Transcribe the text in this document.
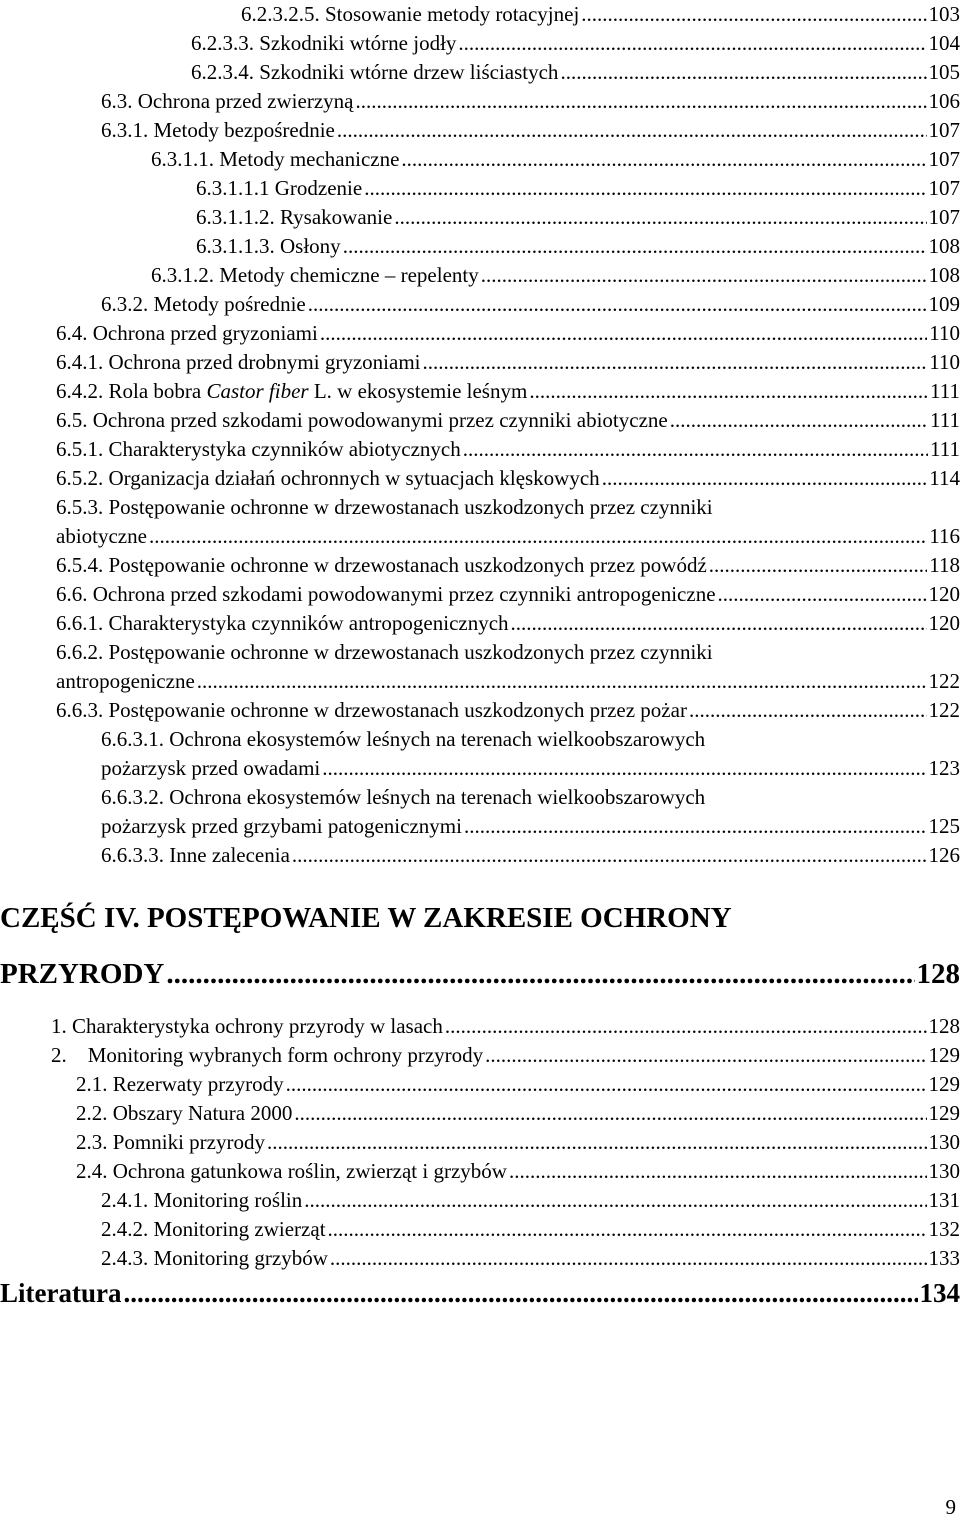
6.2.3.2.5. Stosowanie metody rotacyjnej .....	103
6.2.3.3. Szkodniki wtórne jodły .....	104
6.2.3.4. Szkodniki wtórne drzew liściastych .....	105
6.3. Ochrona przed zwierzyną .....	106
6.3.1. Metody bezpośrednie .....	107
6.3.1.1. Metody mechaniczne .....	107
6.3.1.1.1 Grodzenie .....	107
6.3.1.1.2. Rysakowanie .....	107
6.3.1.1.3. Osłony .....	108
6.3.1.2. Metody chemiczne – repelenty .....	108
6.3.2. Metody pośrednie .....	109
6.4. Ochrona przed gryzoniami .....	110
6.4.1. Ochrona przed drobnymi gryzoniami .....	110
6.4.2. Rola bobra Castor fiber L. w ekosystemie leśnym .....	111
6.5. Ochrona przed szkodami powodowanymi przez czynniki abiotyczne .....	111
6.5.1. Charakterystyka czynników abiotycznych .....	111
6.5.2. Organizacja działań ochronnych w sytuacjach klęskowych .....	114
6.5.3. Postępowanie ochronne w drzewostanach uszkodzonych przez czynniki
abiotyczne .....	116
6.5.4. Postępowanie ochronne w drzewostanach uszkodzonych przez powódź .....	118
6.6. Ochrona przed szkodami powodowanymi przez czynniki antropogeniczne .....	120
6.6.1. Charakterystyka czynników antropogenicznych .....	120
6.6.2. Postępowanie ochronne w drzewostanach uszkodzonych przez czynniki
antropogeniczne .....	122
6.6.3. Postępowanie ochronne w drzewostanach uszkodzonych przez pożar .....	122
6.6.3.1. Ochrona ekosystemów leśnych na terenach wielkoobszarowych
pożarzysk przed owadami .....	123
6.6.3.2. Ochrona ekosystemów leśnych na terenach wielkoobszarowych
pożarzysk przed grzybami patogenicznymi .....	125
6.6.3.3. Inne zalecenia .....	126
CZĘŚĆ IV. POSTĘPOWANIE W ZAKRESIE OCHRONY
PRZYRODY .....	128
1. Charakterystyka ochrony przyrody w lasach .....	128
2.    Monitoring wybranych form ochrony przyrody .....	129
2.1. Rezerwaty przyrody .....	129
2.2. Obszary Natura 2000 .....	129
2.3. Pomniki przyrody .....	130
2.4. Ochrona gatunkowa roślin, zwierząt i grzybów .....	130
2.4.1. Monitoring roślin .....	131
2.4.2. Monitoring zwierząt .....	132
2.4.3. Monitoring grzybów .....	133
Literatura .....	134
9
